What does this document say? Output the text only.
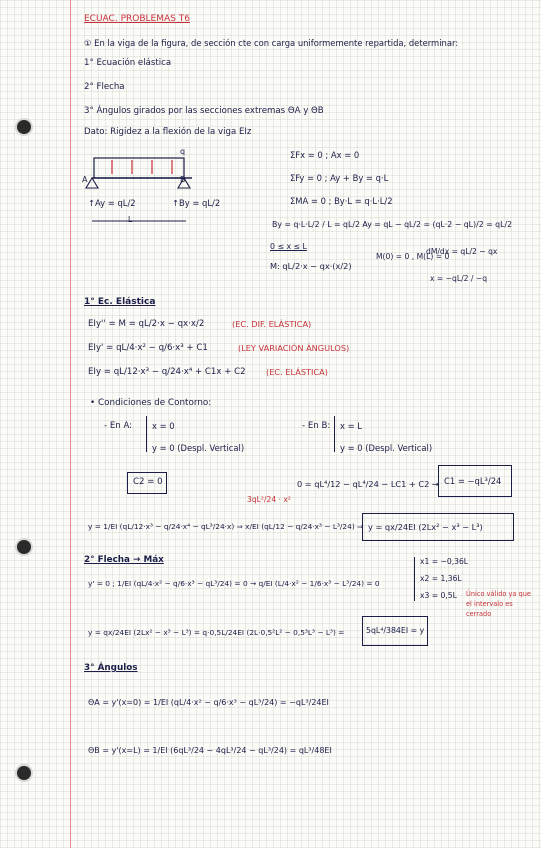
ECUAC. PROBLEMAS T6
① En la viga de la figura, de sección cte con carga uniformemente repartida, determinar:
1° Ecuación elástica
2° Flecha
3° Ángulos girados por las secciones extremas ΘA y ΘB
Dato: Rigidez a la flexión de la viga EIz
q
A	B
↑Ay = qL/2	↑By = qL/2
L
ΣFx = 0 ; Ax = 0
ΣFy = 0 ; Ay + By = q·L
ΣMA = 0 ; By·L = q·L·L/2
By = q·L·L/2 / L = qL/2 Ay = qL − qL/2 = (qL·2 − qL)/2 = qL/2
0 ≤ x ≤ L
M: qL/2·x − qx·(x/2)
M(0) = 0 , M(L) = 0
dM/dx = qL/2 − qx
x = −qL/2 / −q
1° Ec. Elástica
EIy'' = M = qL/2·x − qx·x/2	(EC. DIF. ELÁSTICA)
EIy' = qL/4·x² − q/6·x³ + C1	(LEY VARIACIÓN ÁNGULOS)
EIy = qL/12·x³ − q/24·x⁴ + C1x + C2 (EC. ELÁSTICA)
• Condiciones de Contorno:
- En A: x = 0
y = 0 (Despl. Vertical)
- En B: x = L
y = 0 (Despl. Vertical)
C2 = 0	0 = qL⁴/12 − qL⁴/24 − LC1 + C2 → C1 = −qL³/24
3qL²/24 · x²
y = 1/EI (qL/12·x³ − q/24·x⁴ − qL³/24·x) ⇒ x/EI (qL/12 − q/24·x³ − L³/24) ⇒ y = qx/24EI (2Lx² − x³ − L³)
2° Flecha → Máx
y' = 0 ; 1/EI (qL/4·x² − q/6·x³ − qL³/24) = 0 → q/EI (L/4·x² − 1/6·x³ − L³/24) = 0
x1 = −0,36L
x2 = 1,36L
x3 = 0,5L Único válido ya que el intervalo es cerrado
y = qx/24EI (2Lx² − x³ − L³) = q·0,5L/24EI (2L·0,5²L² − 0,5³L³ − L³) =	5qL⁴/384EI = y
3° Ángulos
ΘA = y'(x=0) = 1/EI (qL/4·x² − q/6·x³ − qL³/24) = −qL³/24EI
ΘB = y'(x=L) = 1/EI (6qL³/24 − 4qL³/24 − qL³/24) = qL³/48EI
